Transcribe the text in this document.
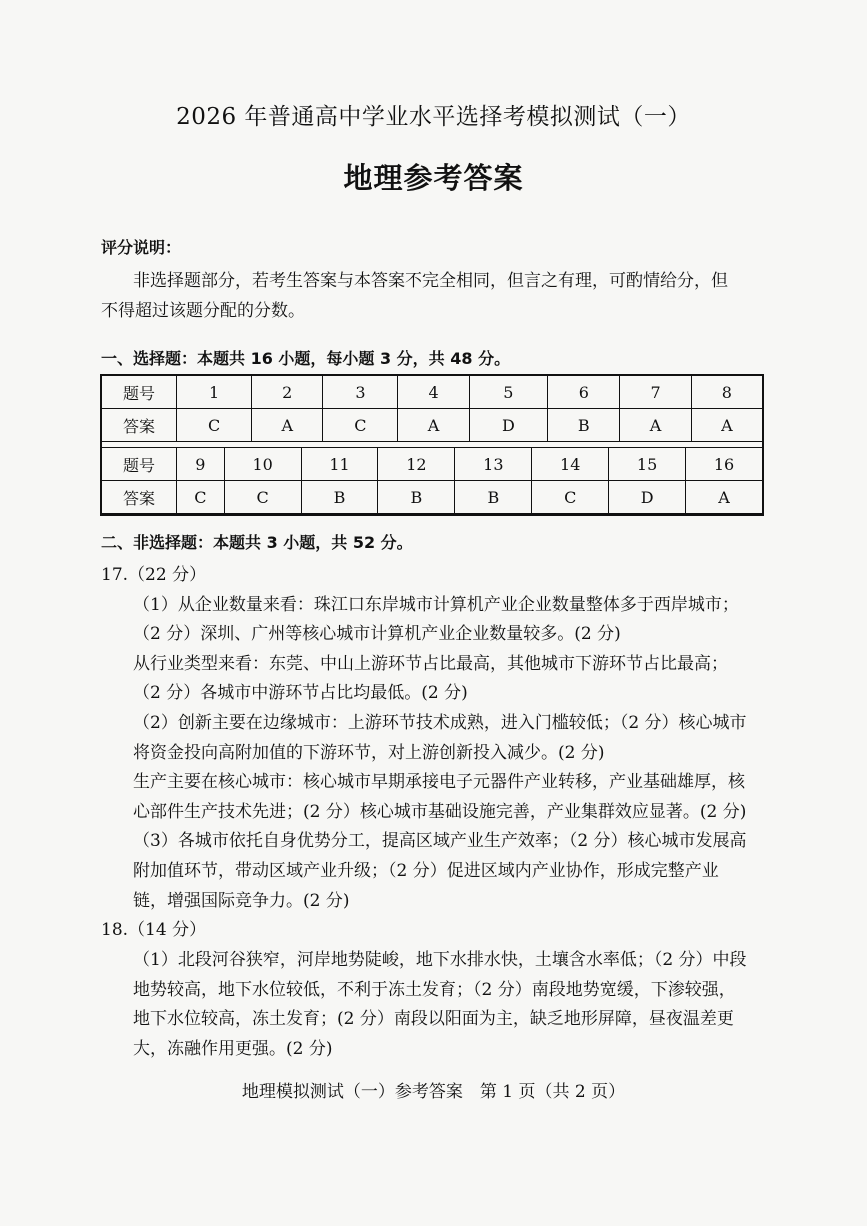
2026 年普通高中学业水平选择考模拟测试（一）
地理参考答案
评分说明：
非选择题部分，若考生答案与本答案不完全相同，但言之有理，可酌情给分，但
不得超过该题分配的分数。
一、选择题：本题共 16 小题，每小题 3 分，共 48 分。
题号	1	2	3	4	5	6	7	8
答案	C	A	C	A	D	B	A	A
题号	9	10	11	12	13	14	15	16
答案	C	C	B	B	B	C	D	A
二、非选择题：本题共 3 小题，共 52 分。
17.（22 分）
（1）从企业数量来看：珠江口东岸城市计算机产业企业数量整体多于西岸城市；
（2 分）深圳、广州等核心城市计算机产业企业数量较多。(2 分)
从行业类型来看：东莞、中山上游环节占比最高，其他城市下游环节占比最高；
（2 分）各城市中游环节占比均最低。(2 分)
（2）创新主要在边缘城市：上游环节技术成熟，进入门槛较低；（2 分）核心城市
将资金投向高附加值的下游环节，对上游创新投入减少。(2 分)
生产主要在核心城市：核心城市早期承接电子元器件产业转移，产业基础雄厚，核
心部件生产技术先进；(2 分）核心城市基础设施完善，产业集群效应显著。(2 分)
（3）各城市依托自身优势分工，提高区域产业生产效率；（2 分）核心城市发展高
附加值环节，带动区域产业升级；（2 分）促进区域内产业协作，形成完整产业
链，增强国际竞争力。(2 分)
18.（14 分）
（1）北段河谷狭窄，河岸地势陡峻，地下水排水快，土壤含水率低；（2 分）中段
地势较高，地下水位较低，不利于冻土发育；（2 分）南段地势宽缓，下渗较强，
地下水位较高，冻土发育；(2 分）南段以阳面为主，缺乏地形屏障，昼夜温差更
大，冻融作用更强。(2 分)
地理模拟测试（一）参考答案　第 1 页（共 2 页）
